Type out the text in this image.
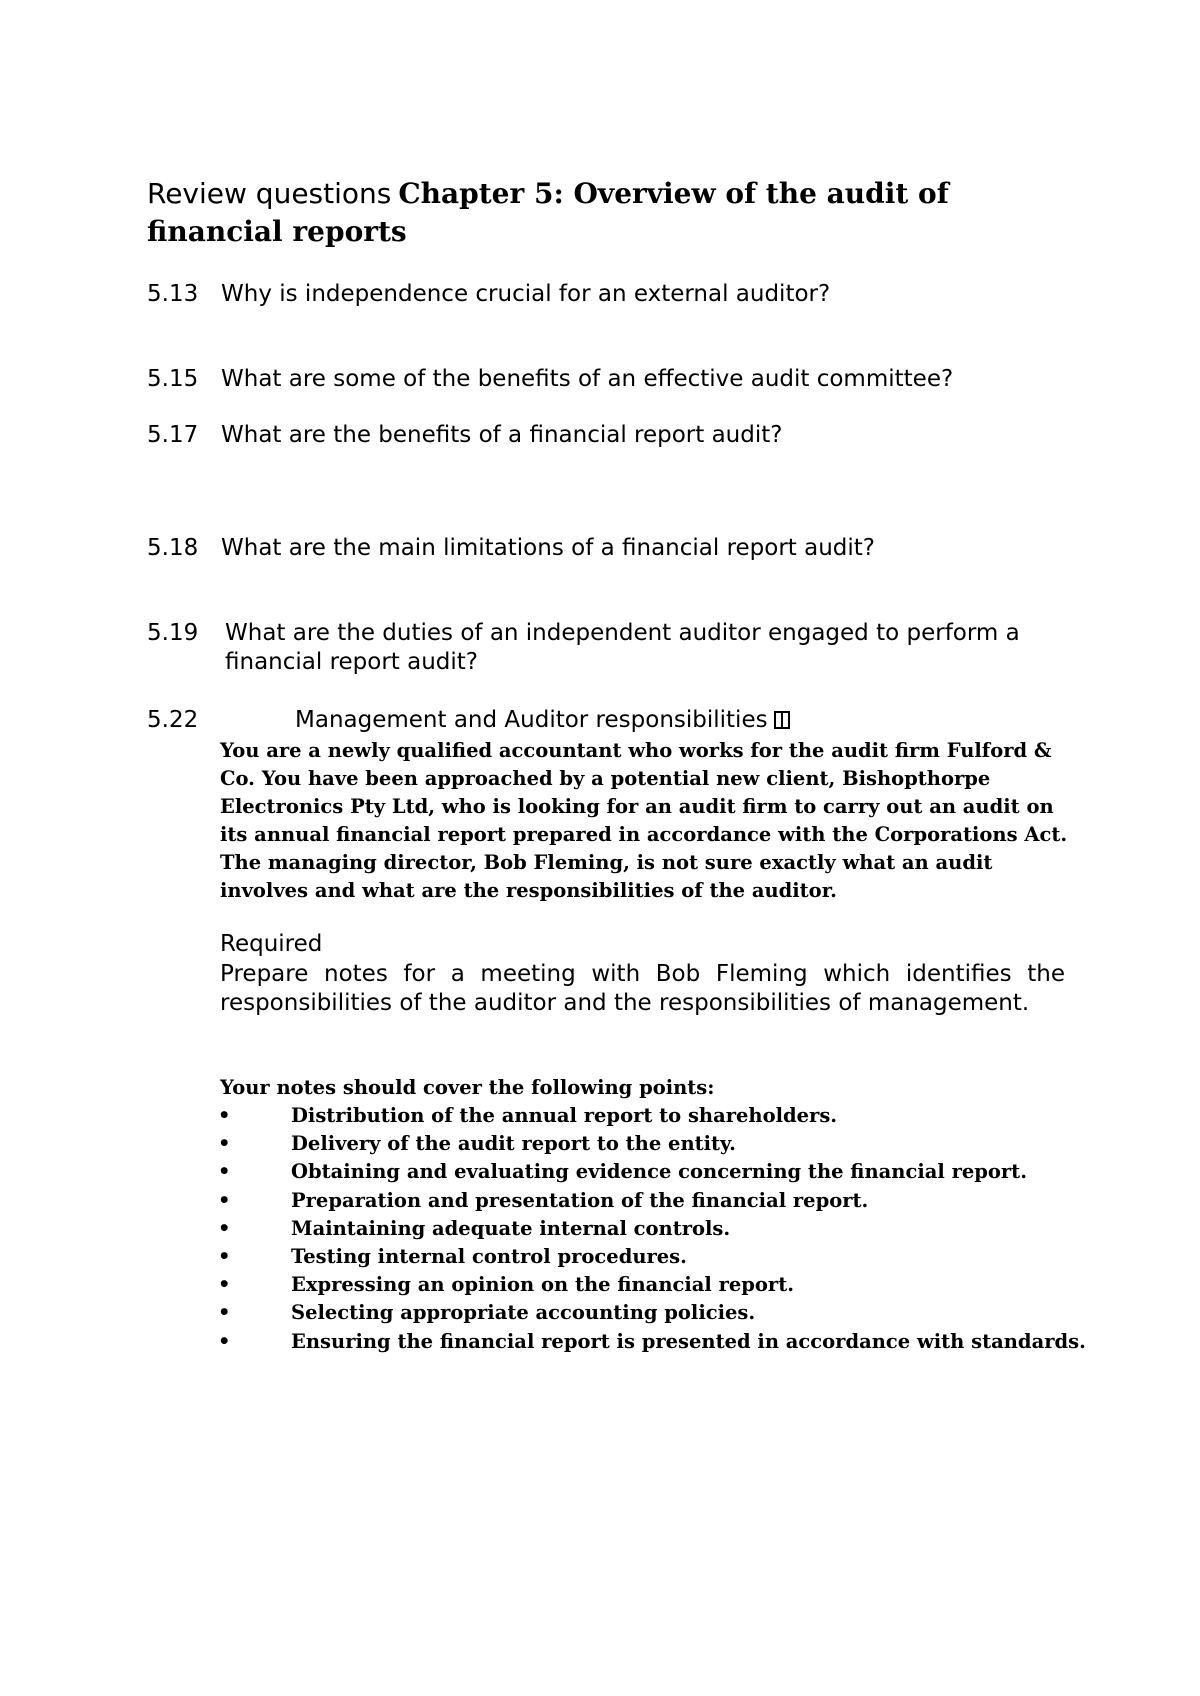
Review questions Chapter 5: Overview of the audit of financial reports
5.13 Why is independence crucial for an external auditor?
5.15 What are some of the benefits of an effective audit committee?
5.17 What are the benefits of a financial report audit?
5.18 What are the main limitations of a financial report audit?
5.19 What are the duties of an independent auditor engaged to perform a financial report audit?
5.22	Management and Auditor responsibilities
You are a newly qualified accountant who works for the audit firm Fulford & Co. You have been approached by a potential new client, Bishopthorpe Electronics Pty Ltd, who is looking for an audit firm to carry out an audit on its annual financial report prepared in accordance with the Corporations Act. The managing director, Bob Fleming, is not sure exactly what an audit involves and what are the responsibilities of the auditor.
Required
Prepare notes for a meeting with Bob Fleming which identifies the responsibilities of the auditor and the responsibilities of management.
Your notes should cover the following points:
•	Distribution of the annual report to shareholders.
•	Delivery of the audit report to the entity.
•	Obtaining and evaluating evidence concerning the financial report.
•	Preparation and presentation of the financial report.
•	Maintaining adequate internal controls.
•	Testing internal control procedures.
•	Expressing an opinion on the financial report.
•	Selecting appropriate accounting policies.
•	Ensuring the financial report is presented in accordance with standards.
